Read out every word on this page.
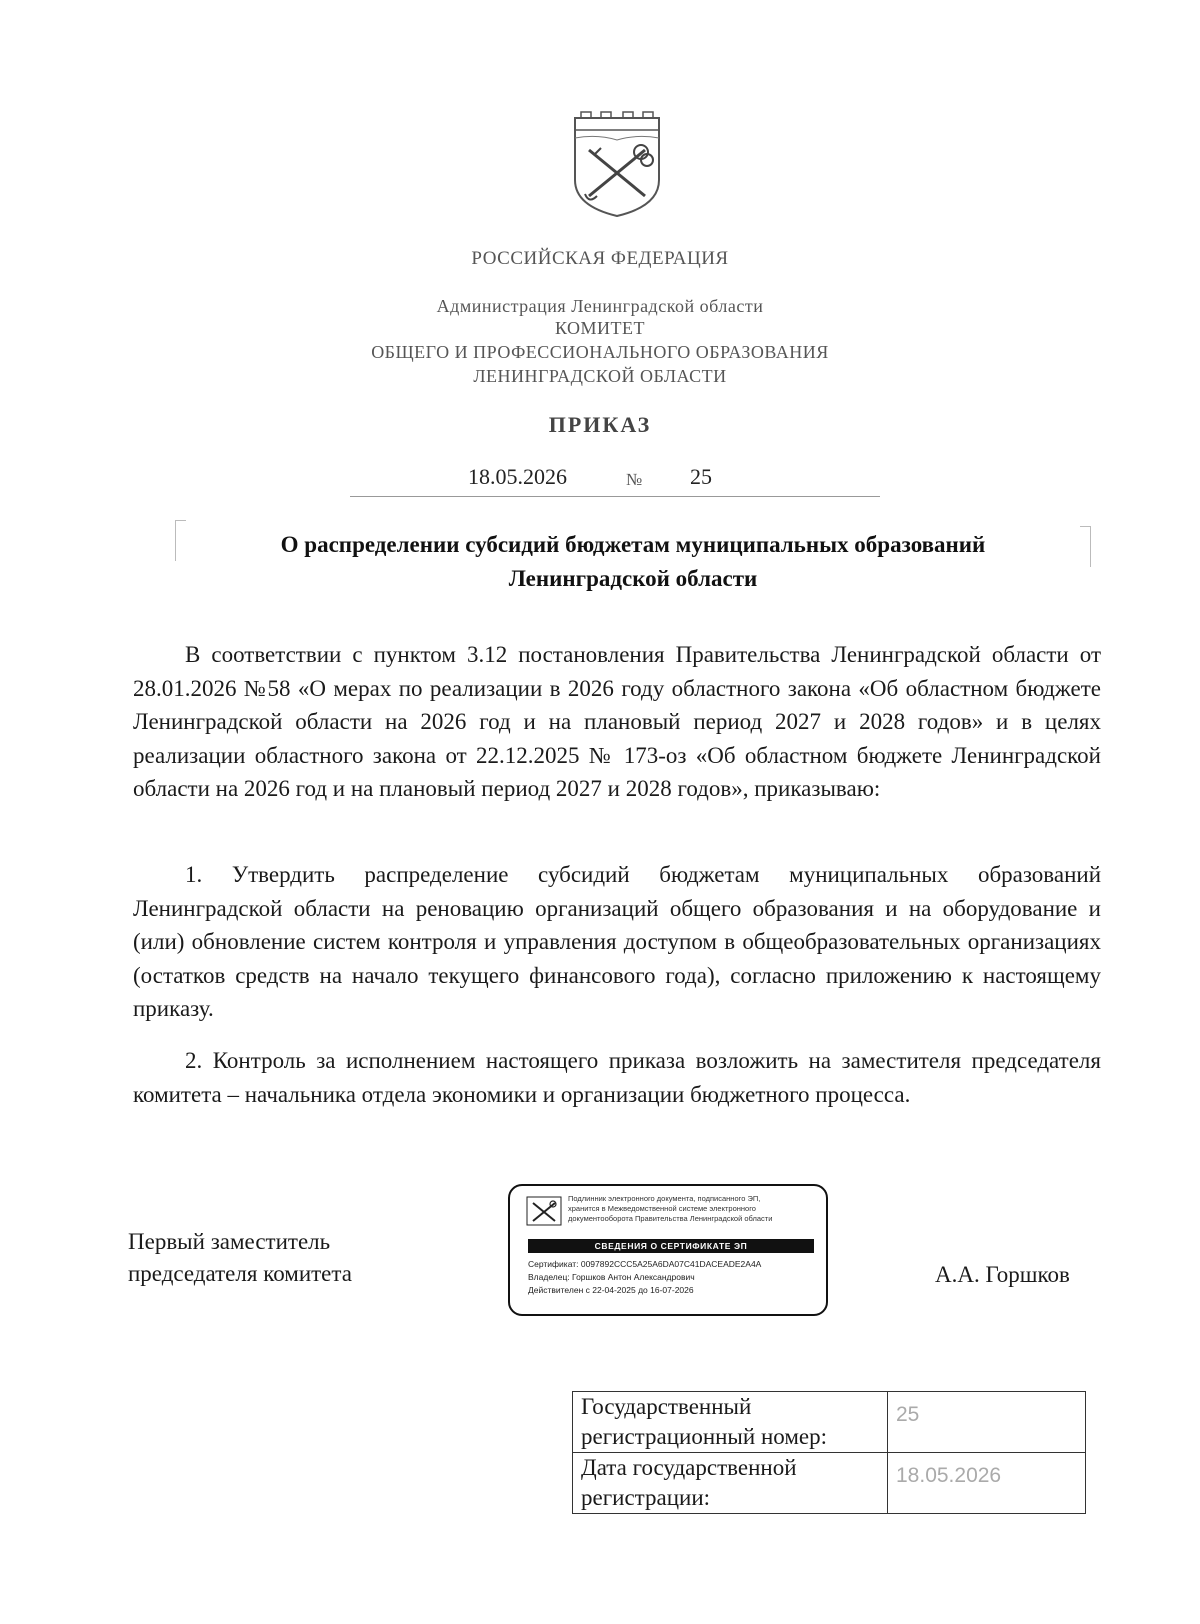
РОССИЙСКАЯ ФЕДЕРАЦИЯ
Администрация Ленинградской области
КОМИТЕТ
ОБЩЕГО И ПРОФЕССИОНАЛЬНОГО ОБРАЗОВАНИЯ
ЛЕНИНГРАДСКОЙ ОБЛАСТИ
ПРИКАЗ
18.05.2026	№ 25
О распределении субсидий бюджетам муниципальных образований
Ленинградской области

В соответствии с пунктом 3.12 постановления Правительства Ленинградской области от 28.01.2026 №58 «О мерах по реализации в 2026 году областного закона «Об областном бюджете Ленинградской области на 2026 год и на плановый период 2027 и 2028 годов» и в целях реализации областного закона от 22.12.2025 № 173-оз «Об областном бюджете Ленинградской области на 2026 год и на плановый период 2027 и 2028 годов», приказываю:

1. Утвердить распределение субсидий бюджетам муниципальных образований Ленинградской области на реновацию организаций общего образования и на оборудование и (или) обновление систем контроля и управления доступом в общеобразовательных организациях (остатков средств на начало текущего финансового года), согласно приложению к настоящему приказу.

2. Контроль за исполнением настоящего приказа возложить на заместителя председателя комитета – начальника отдела экономики и организации бюджетного процесса.

Первый заместитель
председателя комитета
Подлинник электронного документа, подписанного ЭП,
хранится в Межведомственной системе электронного
документооборота Правительства Ленинградской области
СВЕДЕНИЯ О СЕРТИФИКАТЕ ЭП
Сертификат: 0097892CCC5A25A6DA07C41DACEADE2A4A
Владелец: Горшков Антон Александрович
Действителен с 22-04-2025 до 16-07-2026
А.А. Горшков
Государственный регистрационный номер:	25
Дата государственной регистрации:	18.05.2026
